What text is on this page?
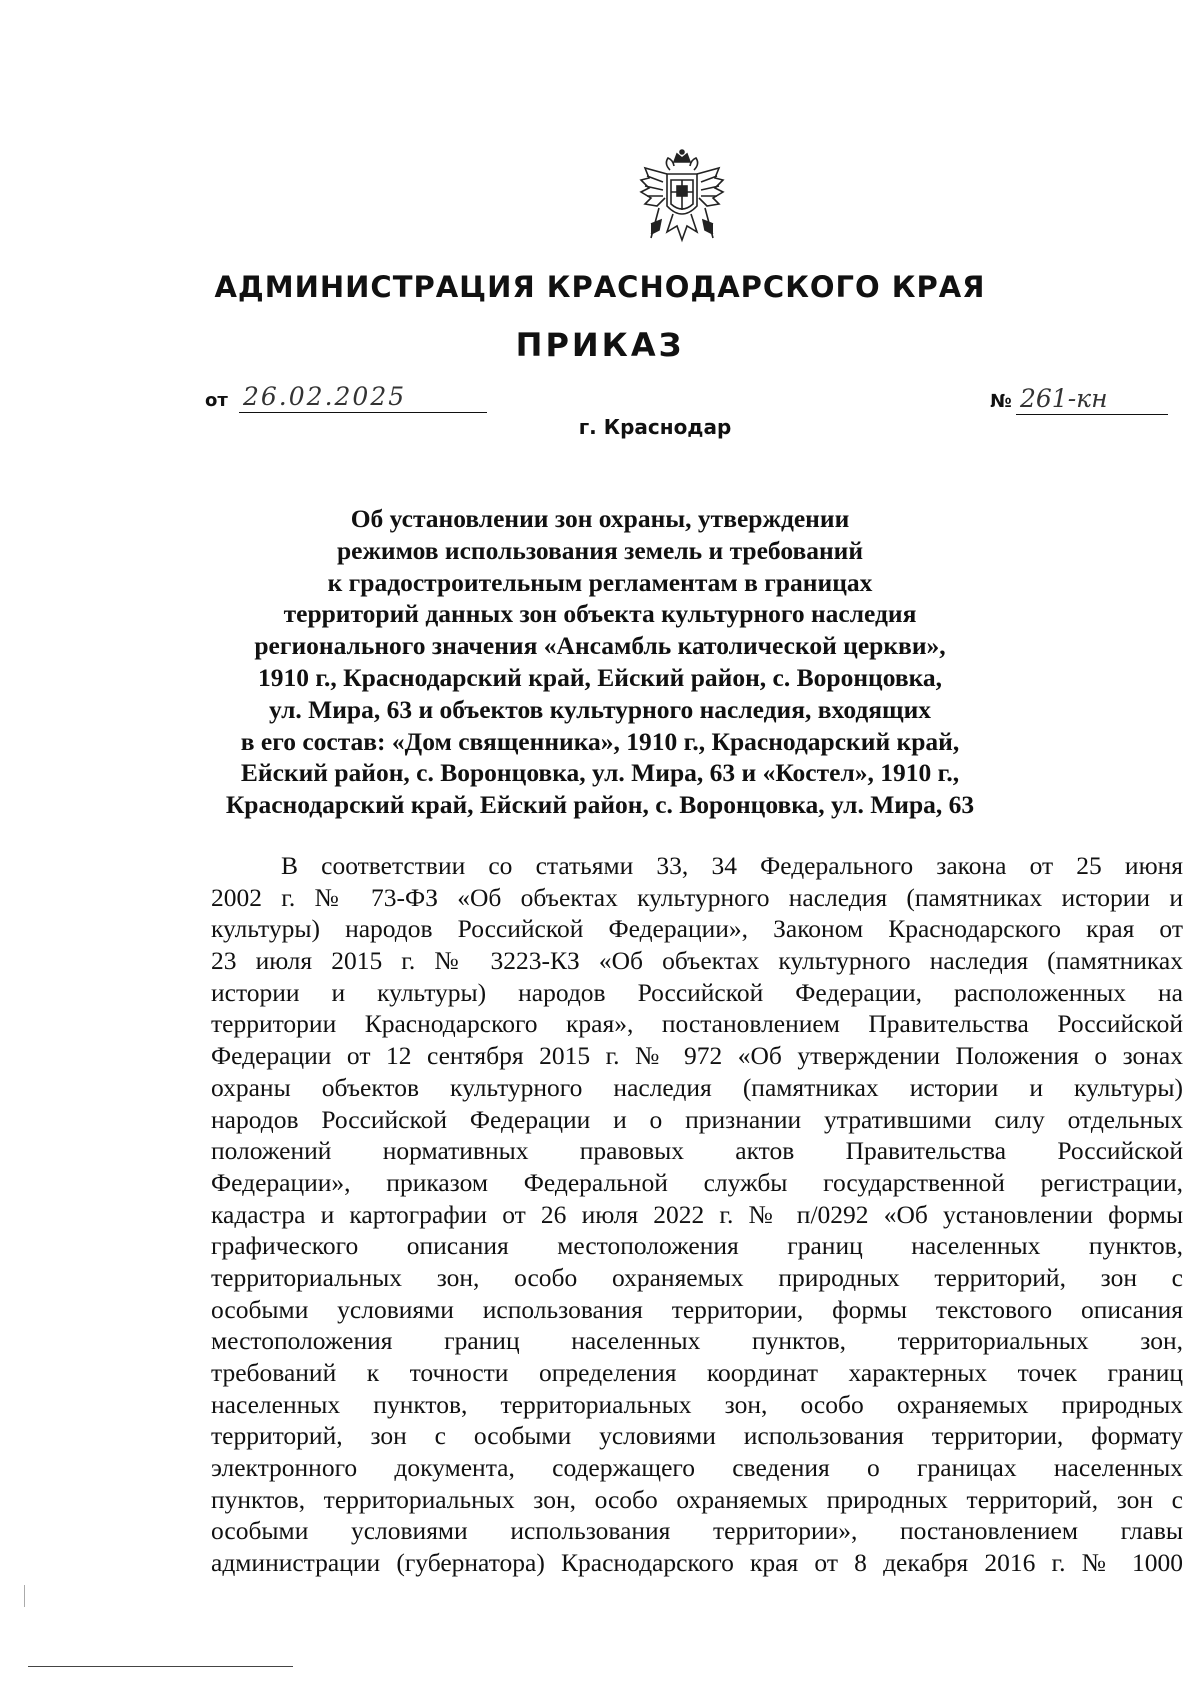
АДМИНИСТРАЦИЯ КРАСНОДАРСКОГО КРАЯ
ПРИКАЗ
от 26.02.2025	№ 261-кн
г. Краснодар
Об установлении зон охраны, утверждении
режимов использования земель и требований
к градостроительным регламентам в границах
территорий данных зон объекта культурного наследия
регионального значения «Ансамбль католической церкви»,
1910 г., Краснодарский край, Ейский район, с. Воронцовка,
ул. Мира, 63 и объектов культурного наследия, входящих
в его состав: «Дом священника», 1910 г., Краснодарский край,
Ейский район, с. Воронцовка, ул. Мира, 63 и «Костел», 1910 г.,
Краснодарский край, Ейский район, с. Воронцовка, ул. Мира, 63
В соответствии со статьями 33, 34 Федерального закона от 25 июня
2002 г. № 73-ФЗ «Об объектах культурного наследия (памятниках истории и
культуры) народов Российской Федерации», Законом Краснодарского края от
23 июля 2015 г. № 3223-КЗ «Об объектах культурного наследия (памятниках
истории и культуры) народов Российской Федерации, расположенных на
территории Краснодарского края», постановлением Правительства Российской
Федерации от 12 сентября 2015 г. № 972 «Об утверждении Положения о зонах
охраны объектов культурного наследия (памятниках истории и культуры)
народов Российской Федерации и о признании утратившими силу отдельных
положений нормативных правовых актов Правительства Российской
Федерации», приказом Федеральной службы государственной регистрации,
кадастра и картографии от 26 июля 2022 г. № п/0292 «Об установлении формы
графического описания местоположения границ населенных пунктов,
территориальных зон, особо охраняемых природных территорий, зон с
особыми условиями использования территории, формы текстового описания
местоположения границ населенных пунктов, территориальных зон,
требований к точности определения координат характерных точек границ
населенных пунктов, территориальных зон, особо охраняемых природных
территорий, зон с особыми условиями использования территории, формату
электронного документа, содержащего сведения о границах населенных
пунктов, территориальных зон, особо охраняемых природных территорий, зон с
особыми условиями использования территории», постановлением главы
администрации (губернатора) Краснодарского края от 8 декабря 2016 г. № 1000
